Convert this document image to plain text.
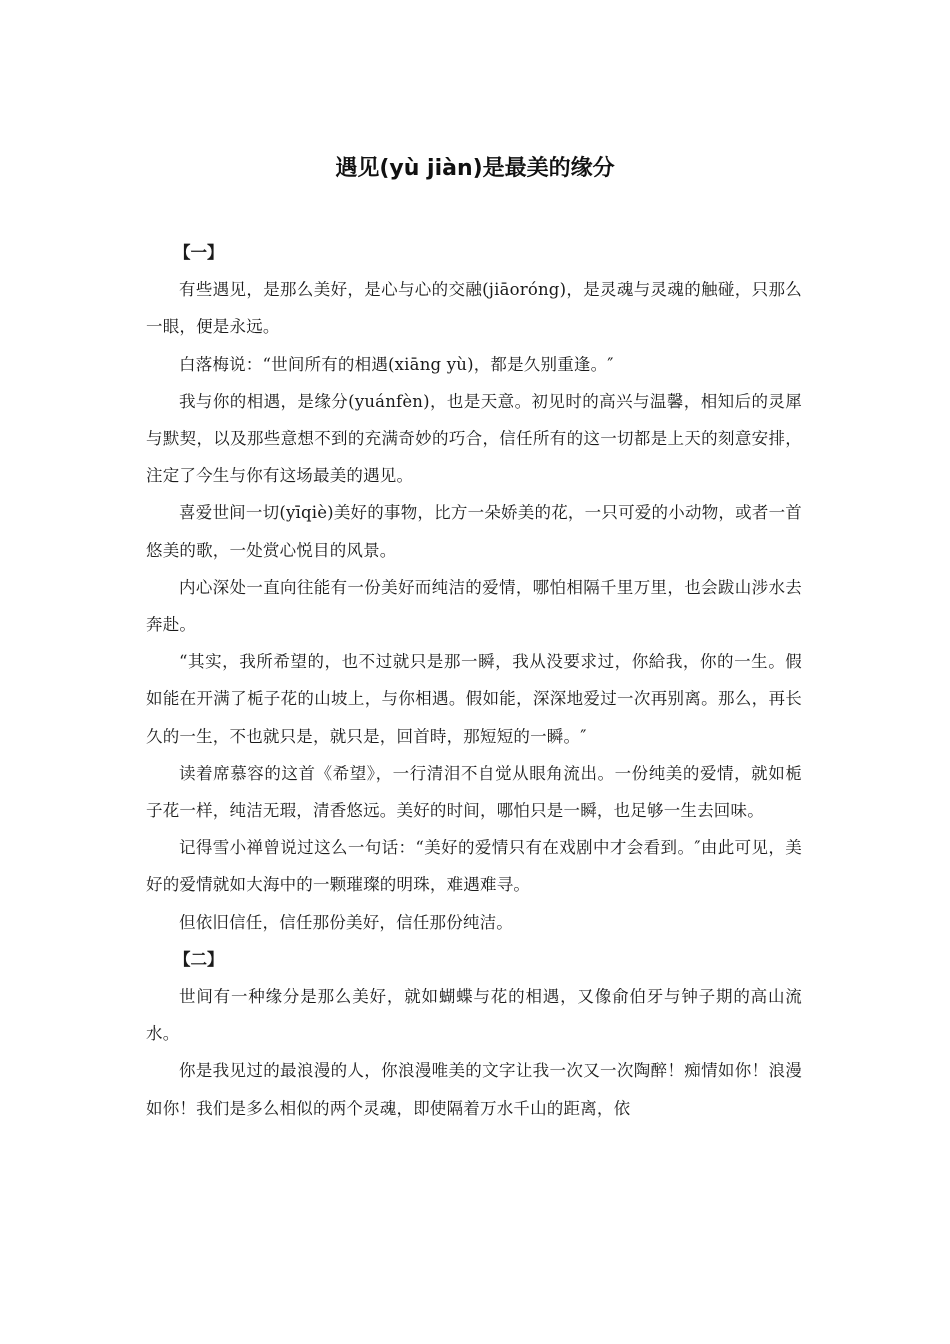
遇见(yù jiàn)是最美的缘分

【一】

有些遇见，是那么美好，是心与心的交融(jiāoróng)，是灵魂与灵魂的触碰，只那么一眼，便是永远。

白落梅说：“世间所有的相遇(xiāng yù)，都是久别重逢。″

我与你的相遇，是缘分(yuánfèn)，也是天意。初见时的高兴与温馨，相知后的灵犀与默契，以及那些意想不到的充满奇妙的巧合，信任所有的这一切都是上天的刻意安排，注定了今生与你有这场最美的遇见。

喜爱世间一切(yīqiè)美好的事物，比方一朵娇美的花，一只可爱的小动物，或者一首悠美的歌，一处赏心悦目的风景。

内心深处一直向往能有一份美好而纯洁的爱情，哪怕相隔千里万里，也会跋山涉水去奔赴。

“其实，我所希望的，也不过就只是那一瞬，我从没要求过，你給我，你的一生。假如能在开满了栀子花的山坡上，与你相遇。假如能，深深地爱过一次再别离。那么，再长久的一生，不也就只是，就只是，回首時，那短短的一瞬。″

读着席慕容的这首《希望》，一行清泪不自觉从眼角流出。一份纯美的爱情，就如栀子花一样，纯洁无瑕，清香悠远。美好的时间，哪怕只是一瞬，也足够一生去回味。

记得雪小禅曾说过这么一句话：“美好的爱情只有在戏剧中才会看到。″由此可见，美好的爱情就如大海中的一颗璀璨的明珠，难遇难寻。

但依旧信任，信任那份美好，信任那份纯洁。

【二】

世间有一种缘分是那么美好，就如蝴蝶与花的相遇，又像俞伯牙与钟子期的高山流水。

你是我见过的最浪漫的人，你浪漫唯美的文字让我一次又一次陶醉！痴情如你！浪漫如你！我们是多么相似的两个灵魂，即使隔着万水千山的距离，依
